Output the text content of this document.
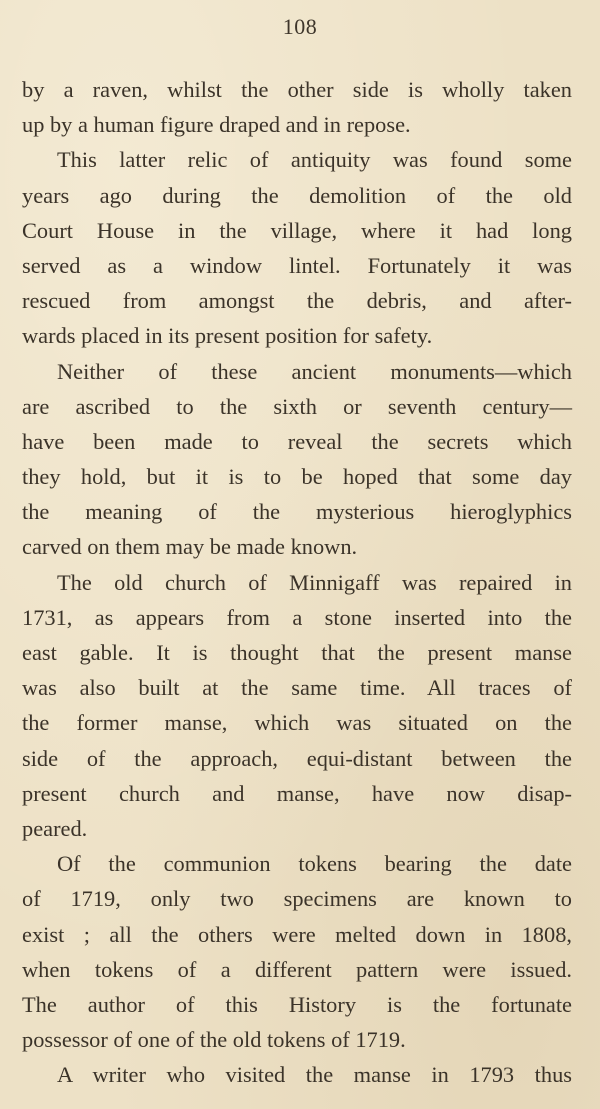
108
by a raven, whilst the other side is wholly taken
up by a human figure draped and in repose.
This latter relic of antiquity was found some
years ago during the demolition of the old
Court House in the village, where it had long
served as a window lintel. Fortunately it was
rescued from amongst the debris, and after-
wards placed in its present position for safety.
Neither of these ancient monuments—which
are ascribed to the sixth or seventh century—
have been made to reveal the secrets which
they hold, but it is to be hoped that some day
the meaning of the mysterious hieroglyphics
carved on them may be made known.
The old church of Minnigaff was repaired in
1731, as appears from a stone inserted into the
east gable. It is thought that the present manse
was also built at the same time. All traces of
the former manse, which was situated on the
side of the approach, equi-distant between the
present church and manse, have now disap-
peared.
Of the communion tokens bearing the date
of 1719, only two specimens are known to
exist ; all the others were melted down in 1808,
when tokens of a different pattern were issued.
The author of this History is the fortunate
possessor of one of the old tokens of 1719.
A writer who visited the manse in 1793 thus
